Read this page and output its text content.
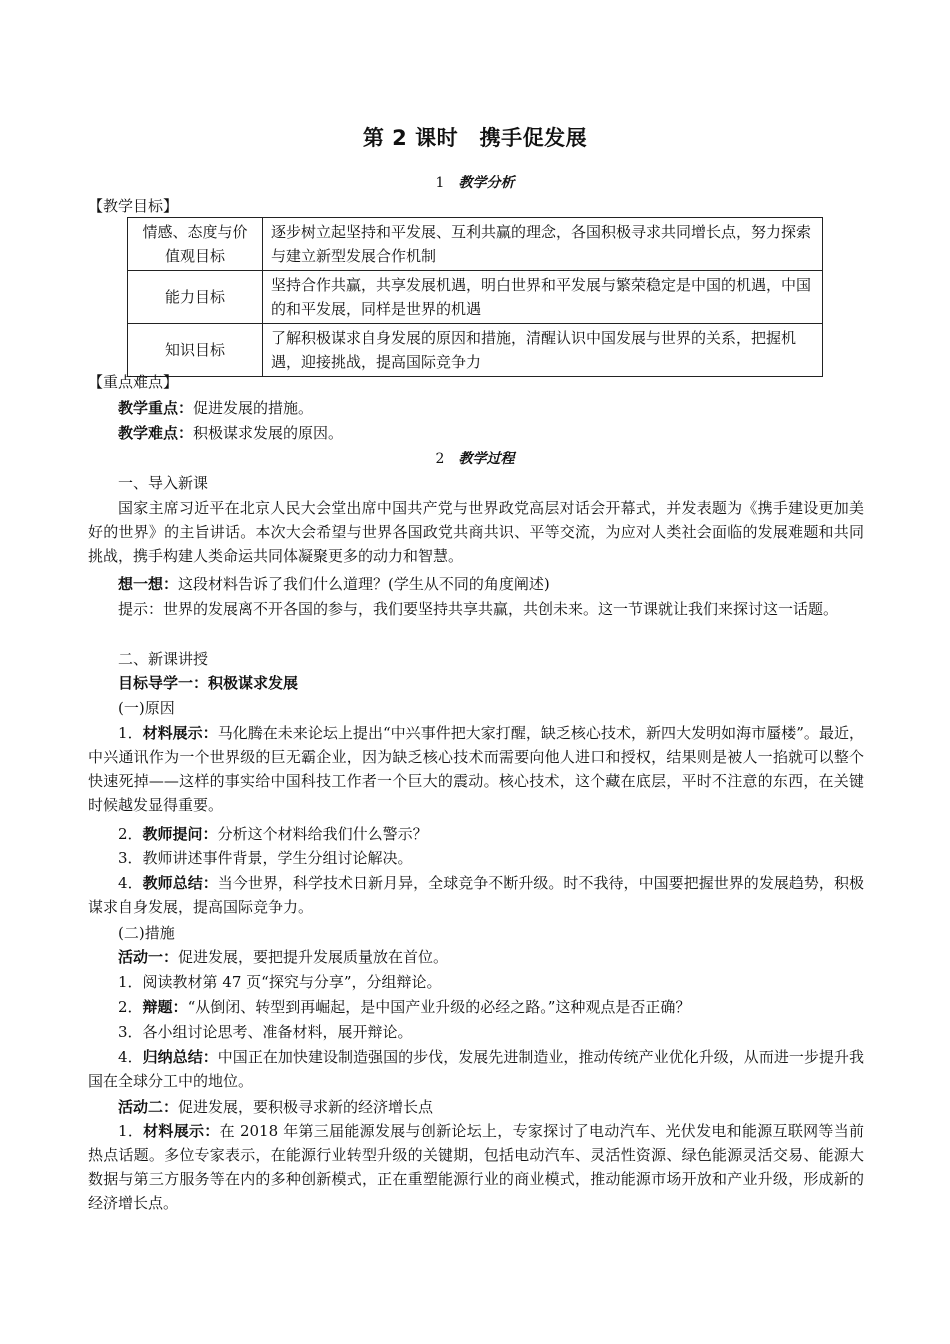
第 2 课时　携手促发展
1 教学分析
【教学目标】
情感、态度与价值观目标	逐步树立起坚持和平发展、互利共赢的理念，各国积极寻求共同增长点，努力探索与建立新型发展合作机制
能力目标	坚持合作共赢，共享发展机遇，明白世界和平发展与繁荣稳定是中国的机遇，中国的和平发展，同样是世界的机遇
知识目标	了解积极谋求自身发展的原因和措施，清醒认识中国发展与世界的关系，把握机遇，迎接挑战，提高国际竞争力
【重点难点】
教学重点：促进发展的措施。
教学难点：积极谋求发展的原因。
2 教学过程
一、导入新课
国家主席习近平在北京人民大会堂出席中国共产党与世界政党高层对话会开幕式，并发表题为《携手建设更加美好的世界》的主旨讲话。本次大会希望与世界各国政党共商共识、平等交流，为应对人类社会面临的发展难题和共同挑战，携手构建人类命运共同体凝聚更多的动力和智慧。
想一想：这段材料告诉了我们什么道理？(学生从不同的角度阐述)
提示：世界的发展离不开各国的参与，我们要坚持共享共赢，共创未来。这一节课就让我们来探讨这一话题。
二、新课讲授
目标导学一：积极谋求发展
(一)原因
1．材料展示：马化腾在未来论坛上提出“中兴事件把大家打醒，缺乏核心技术，新四大发明如海市蜃楼”。最近，中兴通讯作为一个世界级的巨无霸企业，因为缺乏核心技术而需要向他人进口和授权，结果则是被人一掐就可以整个快速死掉——这样的事实给中国科技工作者一个巨大的震动。核心技术，这个藏在底层，平时不注意的东西，在关键时候越发显得重要。
2．教师提问：分析这个材料给我们什么警示？
3．教师讲述事件背景，学生分组讨论解决。
4．教师总结：当今世界，科学技术日新月异，全球竞争不断升级。时不我待，中国要把握世界的发展趋势，积极谋求自身发展，提高国际竞争力。
(二)措施
活动一：促进发展，要把提升发展质量放在首位。
1．阅读教材第 47 页“探究与分享”，分组辩论。
2．辩题：“从倒闭、转型到再崛起，是中国产业升级的必经之路。”这种观点是否正确？
3．各小组讨论思考、准备材料，展开辩论。
4．归纳总结：中国正在加快建设制造强国的步伐，发展先进制造业，推动传统产业优化升级，从而进一步提升我国在全球分工中的地位。
活动二：促进发展，要积极寻求新的经济增长点
1．材料展示：在 2018 年第三届能源发展与创新论坛上，专家探讨了电动汽车、光伏发电和能源互联网等当前热点话题。多位专家表示，在能源行业转型升级的关键期，包括电动汽车、灵活性资源、绿色能源灵活交易、能源大数据与第三方服务等在内的多种创新模式，正在重塑能源行业的商业模式，推动能源市场开放和产业升级，形成新的经济增长点。
